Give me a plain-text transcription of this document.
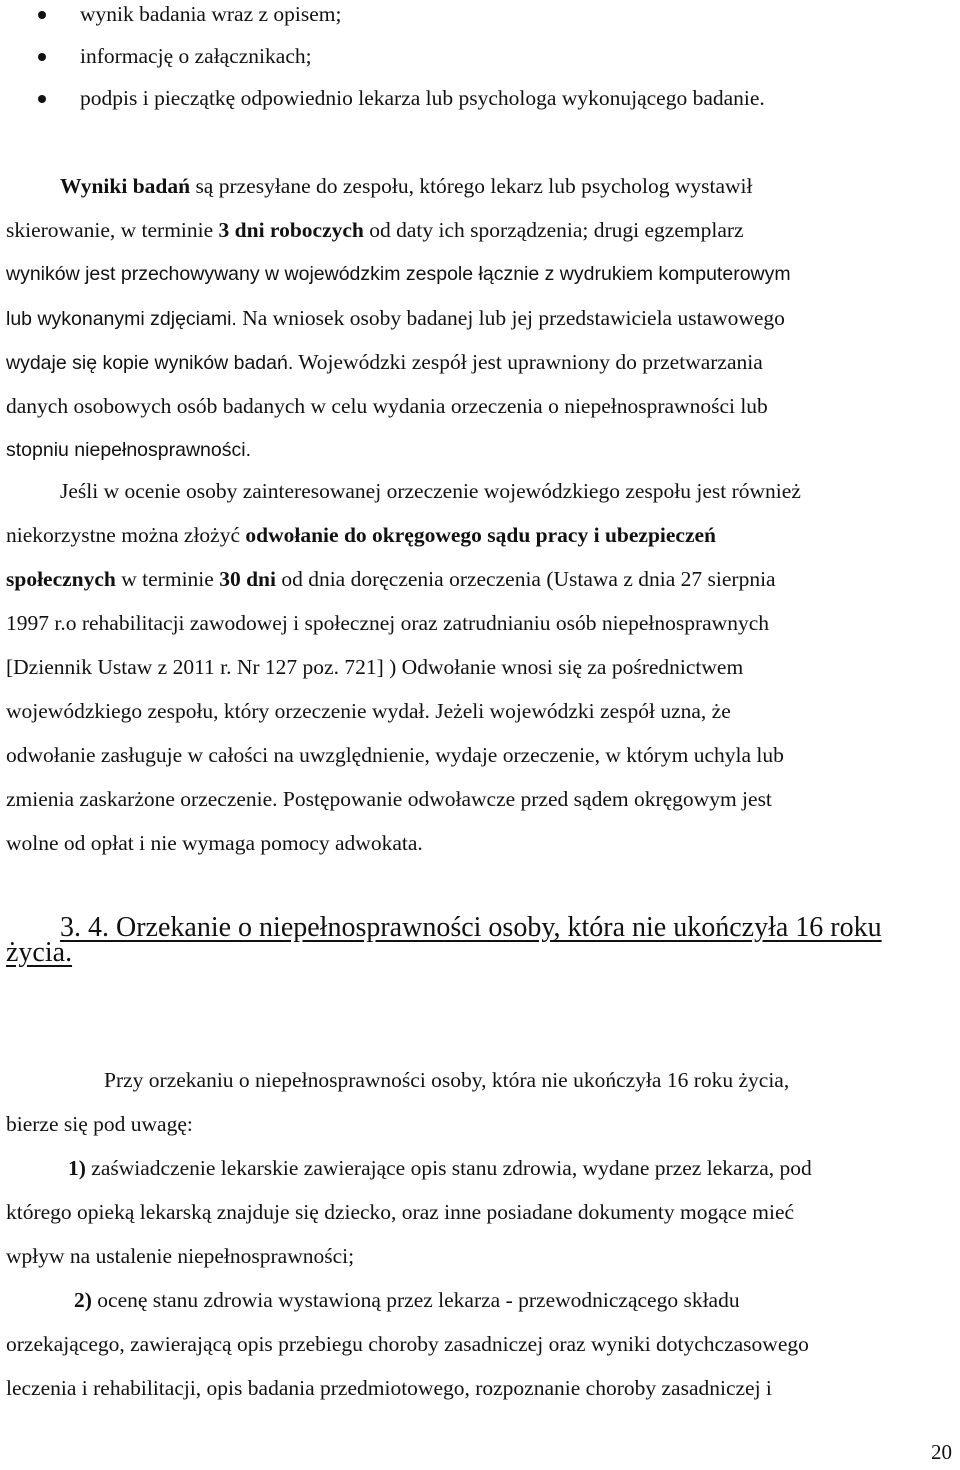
wynik badania wraz z opisem;
informację o załącznikach;
podpis i pieczątkę odpowiednio lekarza lub psychologa wykonującego badanie.
Wyniki badań są przesyłane do zespołu, którego lekarz lub psycholog wystawił
skierowanie, w terminie 3 dni roboczych od daty ich sporządzenia; drugi egzemplarz
wyników jest przechowywany w wojewódzkim zespole łącznie z wydrukiem komputerowym
lub wykonanymi zdjęciami. Na wniosek osoby badanej lub jej przedstawiciela ustawowego
wydaje się kopie wyników badań. Wojewódzki zespół jest uprawniony do przetwarzania
danych osobowych osób badanych w celu wydania orzeczenia o niepełnosprawności lub
stopniu niepełnosprawności.
Jeśli w ocenie osoby zainteresowanej orzeczenie wojewódzkiego zespołu jest również
niekorzystne można złożyć odwołanie do okręgowego sądu pracy i ubezpieczeń
społecznych w terminie 30 dni od dnia doręczenia orzeczenia (Ustawa z dnia 27 sierpnia
1997 r.o rehabilitacji zawodowej i społecznej oraz zatrudnianiu osób niepełnosprawnych
[Dziennik Ustaw z 2011 r. Nr 127 poz. 721] ) Odwołanie wnosi się za pośrednictwem
wojewódzkiego zespołu, który orzeczenie wydał. Jeżeli wojewódzki zespół uzna, że
odwołanie zasługuje w całości na uwzględnienie, wydaje orzeczenie, w którym uchyla lub
zmienia zaskarżone orzeczenie. Postępowanie odwoławcze przed sądem okręgowym jest
wolne od opłat i nie wymaga pomocy adwokata.
3. 4. Orzekanie o niepełnosprawności osoby, która nie ukończyła 16 roku
życia.
Przy orzekaniu o niepełnosprawności osoby, która nie ukończyła 16 roku życia,
bierze się pod uwagę:
1) zaświadczenie lekarskie zawierające opis stanu zdrowia, wydane przez lekarza, pod
którego opieką lekarską znajduje się dziecko, oraz inne posiadane dokumenty mogące mieć
wpływ na ustalenie niepełnosprawności;
2) ocenę stanu zdrowia wystawioną przez lekarza - przewodniczącego składu
orzekającego, zawierającą opis przebiegu choroby zasadniczej oraz wyniki dotychczasowego
leczenia i rehabilitacji, opis badania przedmiotowego, rozpoznanie choroby zasadniczej i
20
